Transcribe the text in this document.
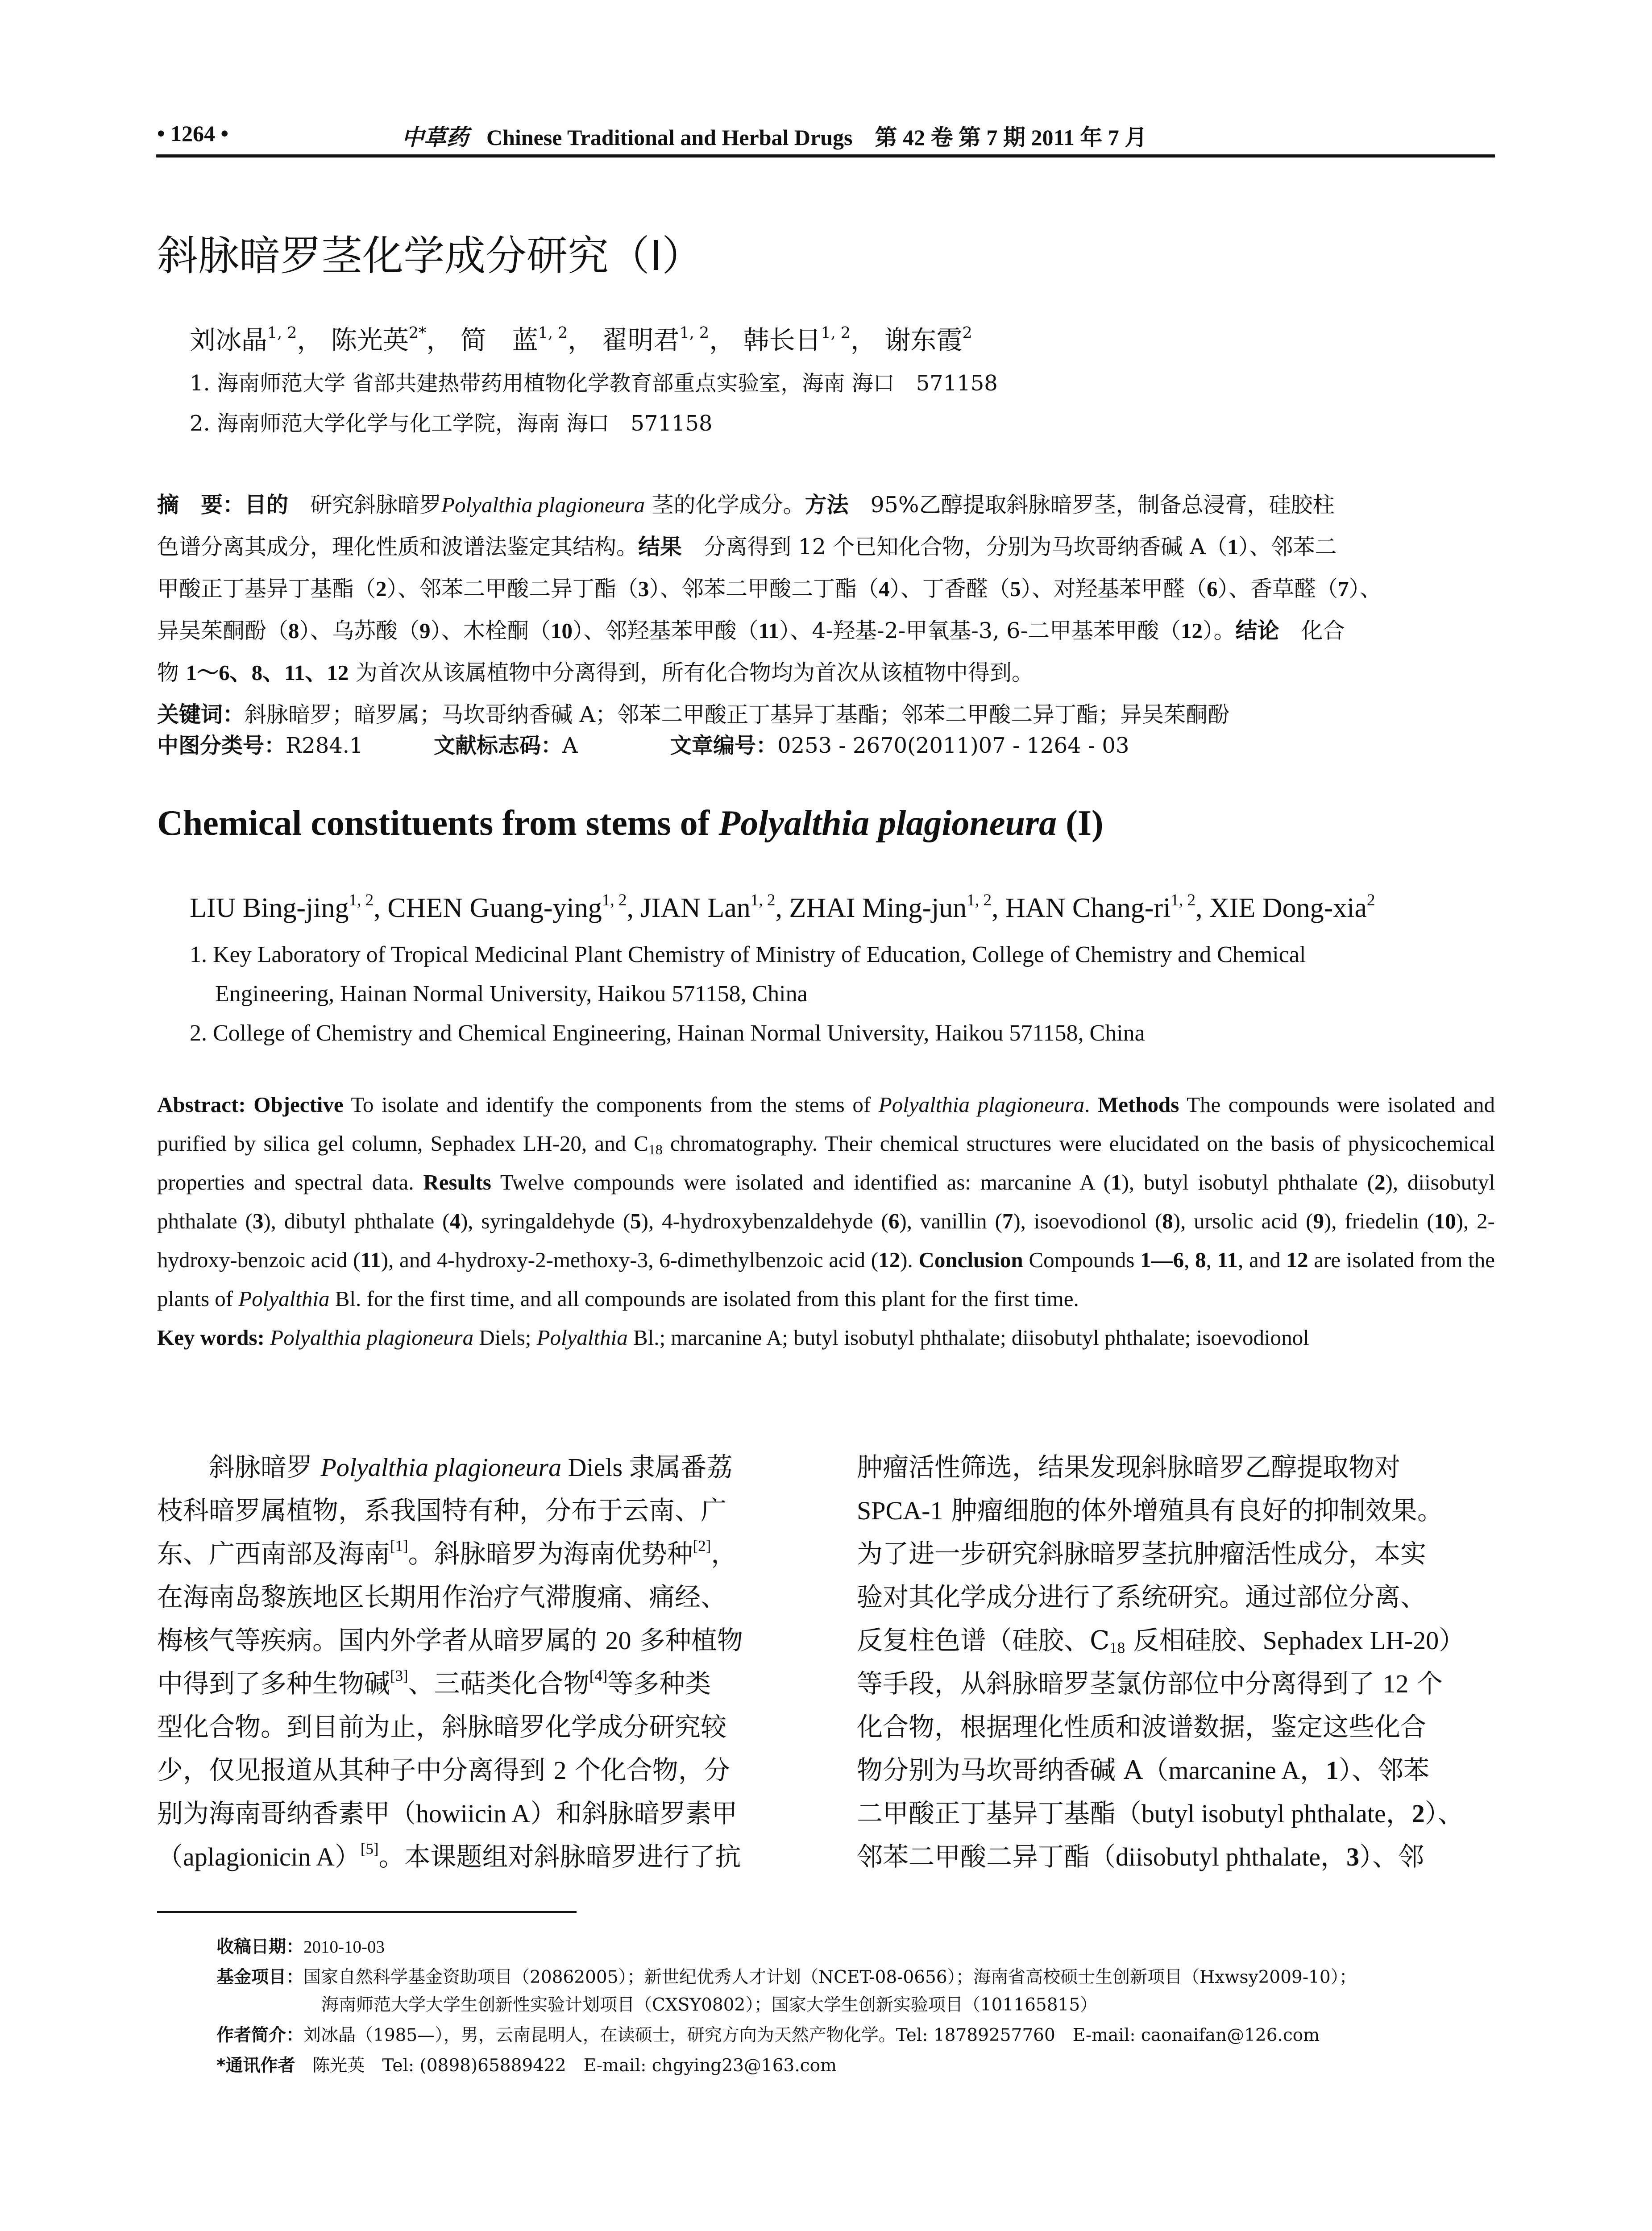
• 1264 •	中草药 Chinese Traditional and Herbal Drugs 第 42 卷 第 7 期 2011 年 7 月
斜脉暗罗茎化学成分研究（Ⅰ）
刘冰晶$^{1, 2}$， 陈光英$^{2*}$， 简　蓝$^{1, 2}$， 翟明君$^{1, 2}$， 韩长日$^{1, 2}$， 谢东霞$^2$
1. 海南师范大学 省部共建热带药用植物化学教育部重点实验室，海南 海口　571158
2. 海南师范大学化学与化工学院，海南 海口　571158
摘　要：目的　研究斜脉暗罗Polyalthia plagioneura 茎的化学成分。方法　95%乙醇提取斜脉暗罗茎，制备总浸膏，硅胶柱
色谱分离其成分，理化性质和波谱法鉴定其结构。结果　分离得到 12 个已知化合物，分别为马坎哥纳香碱 A（1）、邻苯二
甲酸正丁基异丁基酯（2）、邻苯二甲酸二异丁酯（3）、邻苯二甲酸二丁酯（4）、丁香醛（5）、对羟基苯甲醛（6）、香草醛（7）、
异吴茱酮酚（8）、乌苏酸（9）、木栓酮（10）、邻羟基苯甲酸（11）、4-羟基-2-甲氧基-3, 6-二甲基苯甲酸（12）。结论　化合
物 1～6、8、11、12 为首次从该属植物中分离得到，所有化合物均为首次从该植物中得到。
关键词：斜脉暗罗；暗罗属；马坎哥纳香碱 A；邻苯二甲酸正丁基异丁基酯；邻苯二甲酸二异丁酯；异吴茱酮酚
中图分类号：R284.1	文献标志码：A	文章编号：0253 - 2670(2011)07 - 1264 - 03
Chemical constituents from stems of Polyalthia plagioneura (I)
LIU Bing-jing$^{1, 2}$, CHEN Guang-ying$^{1, 2}$, JIAN Lan$^{1, 2}$, ZHAI Ming-jun$^{1, 2}$, HAN Chang-ri$^{1, 2}$, XIE Dong-xia$^2$
1. Key Laboratory of Tropical Medicinal Plant Chemistry of Ministry of Education, College of Chemistry and Chemical
Engineering, Hainan Normal University, Haikou 571158, China
2. College of Chemistry and Chemical Engineering, Hainan Normal University, Haikou 571158, China
Abstract: Objective To isolate and identify the components from the stems of Polyalthia plagioneura. Methods The compounds were isolated and purified by silica gel column, Sephadex LH-20, and $C_{18}$ chromatography. Their chemical structures were elucidated on the basis of physicochemical properties and spectral data. Results Twelve compounds were isolated and identified as: marcanine A (1), butyl isobutyl phthalate (2), diisobutyl phthalate (3), dibutyl phthalate (4), syringaldehyde (5), 4-hydroxybenzaldehyde (6), vanillin (7), isoevodionol (8), ursolic acid (9), friedelin (10), 2-hydroxy-benzoic acid (11), and 4-hydroxy-2-methoxy-3, 6-dimethylbenzoic acid (12). Conclusion Compounds 1—6, 8, 11, and 12 are isolated from the plants of Polyalthia Bl. for the first time, and all compounds are isolated from this plant for the first time.
Key words: Polyalthia plagioneura Diels; Polyalthia Bl.; marcanine A; butyl isobutyl phthalate; diisobutyl phthalate; isoevodionol
斜脉暗罗 Polyalthia plagioneura Diels 隶属番荔
枝科暗罗属植物，系我国特有种，分布于云南、广
东、广西南部及海南[1]。斜脉暗罗为海南优势种[2]，
在海南岛黎族地区长期用作治疗气滞腹痛、痛经、
梅核气等疾病。国内外学者从暗罗属的 20 多种植物
中得到了多种生物碱[3]、三萜类化合物[4]等多种类
型化合物。到目前为止，斜脉暗罗化学成分研究较
少，仅见报道从其种子中分离得到 2 个化合物，分
别为海南哥纳香素甲（howiicin A）和斜脉暗罗素甲
（aplagionicin A）[5]。本课题组对斜脉暗罗进行了抗
肿瘤活性筛选，结果发现斜脉暗罗乙醇提取物对
SPCA-1 肿瘤细胞的体外增殖具有良好的抑制效果。
为了进一步研究斜脉暗罗茎抗肿瘤活性成分，本实
验对其化学成分进行了系统研究。通过部位分离、
反复柱色谱（硅胶、$C_{18}$ 反相硅胶、Sephadex LH-20）
等手段，从斜脉暗罗茎氯仿部位中分离得到了 12 个
化合物，根据理化性质和波谱数据，鉴定这些化合
物分别为马坎哥纳香碱 A（marcanine A，1）、邻苯
二甲酸正丁基异丁基酯（butyl isobutyl phthalate，2）、
邻苯二甲酸二异丁酯（diisobutyl phthalate，3）、邻
收稿日期：2010-10-03
基金项目：国家自然科学基金资助项目（20862005）；新世纪优秀人才计划（NCET-08-0656）；海南省高校硕士生创新项目（Hxwsy2009-10）；
海南师范大学大学生创新性实验计划项目（CXSY0802）；国家大学生创新实验项目（101165815）
作者简介：刘冰晶（1985—），男，云南昆明人，在读硕士，研究方向为天然产物化学。Tel: 18789257760　E-mail: caonaifan@126.com
*通讯作者　陈光英　Tel: (0898)65889422　E-mail: chgying23@163.com
